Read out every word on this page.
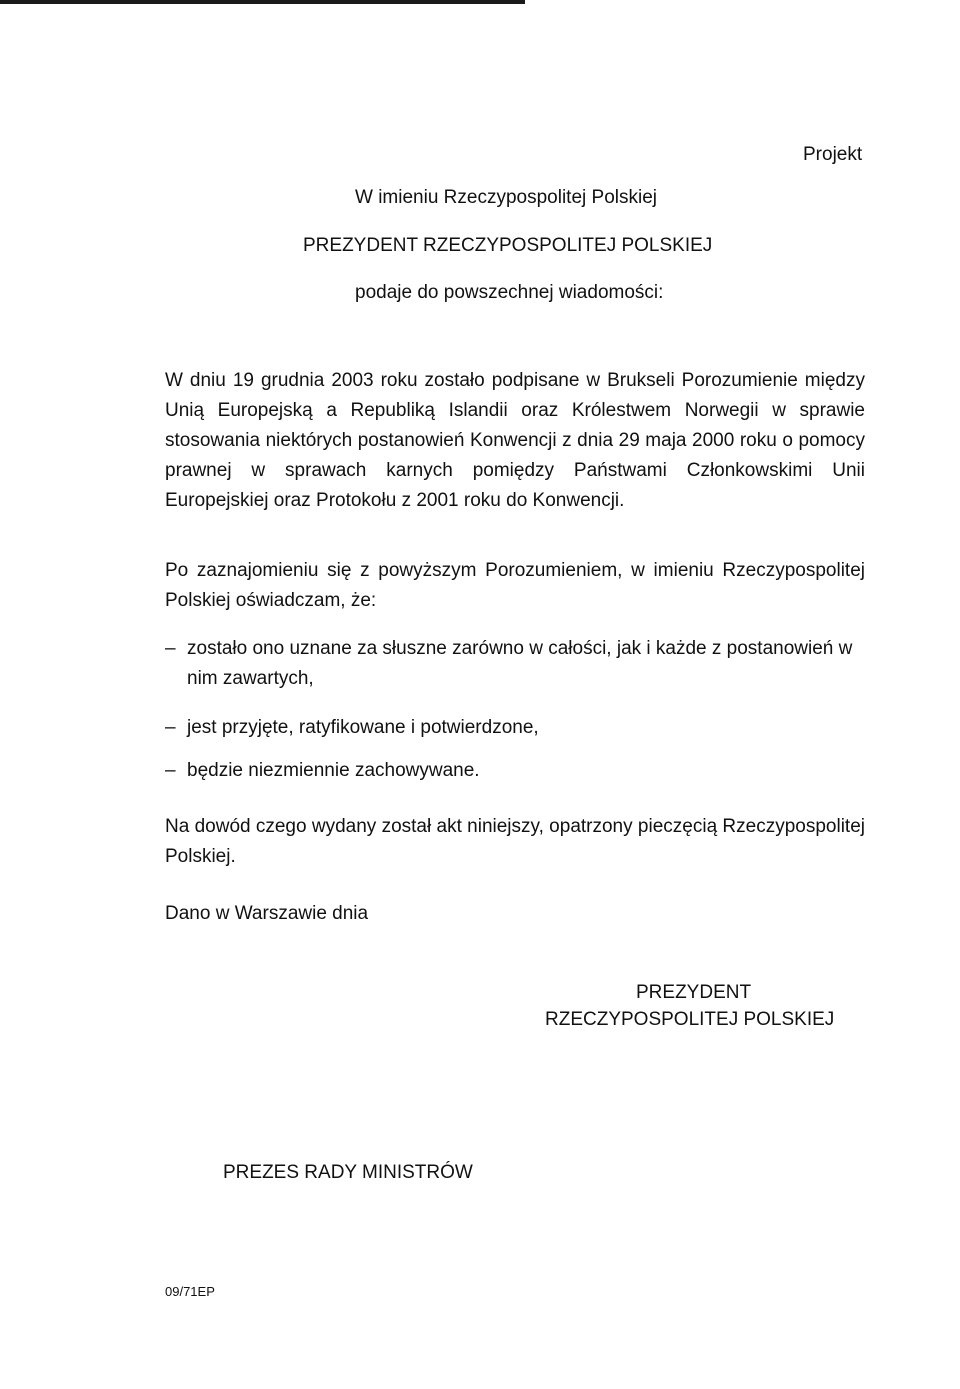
Projekt
W imieniu Rzeczypospolitej Polskiej
PREZYDENT RZECZYPOSPOLITEJ POLSKIEJ
podaje do powszechnej wiadomości:
W dniu 19 grudnia 2003 roku zostało podpisane w Brukseli Porozumienie między Unią Europejską a Republiką Islandii oraz Królestwem Norwegii w sprawie stosowania niektórych postanowień Konwencji z dnia 29 maja 2000 roku o pomocy prawnej w sprawach karnych pomiędzy Państwami Członkowskimi Unii Europejskiej oraz Protokołu z 2001 roku do Konwencji.
Po zaznajomieniu się z powyższym Porozumieniem, w imieniu Rzeczypospolitej Polskiej oświadczam, że:
– zostało ono uznane za słuszne zarówno w całości, jak i każde z postanowień w nim zawartych,
– jest przyjęte, ratyfikowane i potwierdzone,
– będzie niezmiennie zachowywane.
Na dowód czego wydany został akt niniejszy, opatrzony pieczęcią Rzeczypospolitej Polskiej.
Dano w Warszawie dnia
PREZYDENT
RZECZYPOSPOLITEJ POLSKIEJ
PREZES RADY MINISTRÓW
09/71EP
